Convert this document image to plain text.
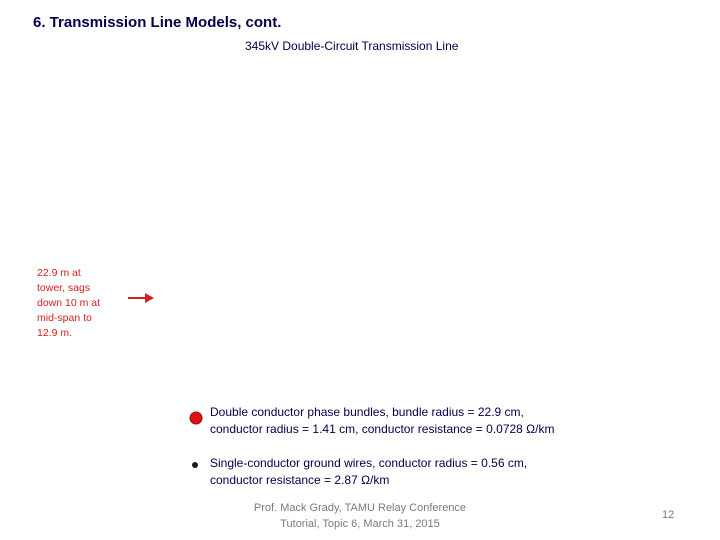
6. Transmission Line Models, cont.
345kV Double-Circuit Transmission Line
22.9 m at
tower, sags
down 10 m at
mid-span to
12.9 m.
Double conductor phase bundles, bundle radius = 22.9 cm,
conductor radius = 1.41 cm, conductor resistance = 0.0728 Ω/km
Single-conductor ground wires, conductor radius = 0.56 cm,
conductor resistance = 2.87 Ω/km
Prof. Mack Grady, TAMU Relay Conference
Tutorial, Topic 6, March 31, 2015
12
